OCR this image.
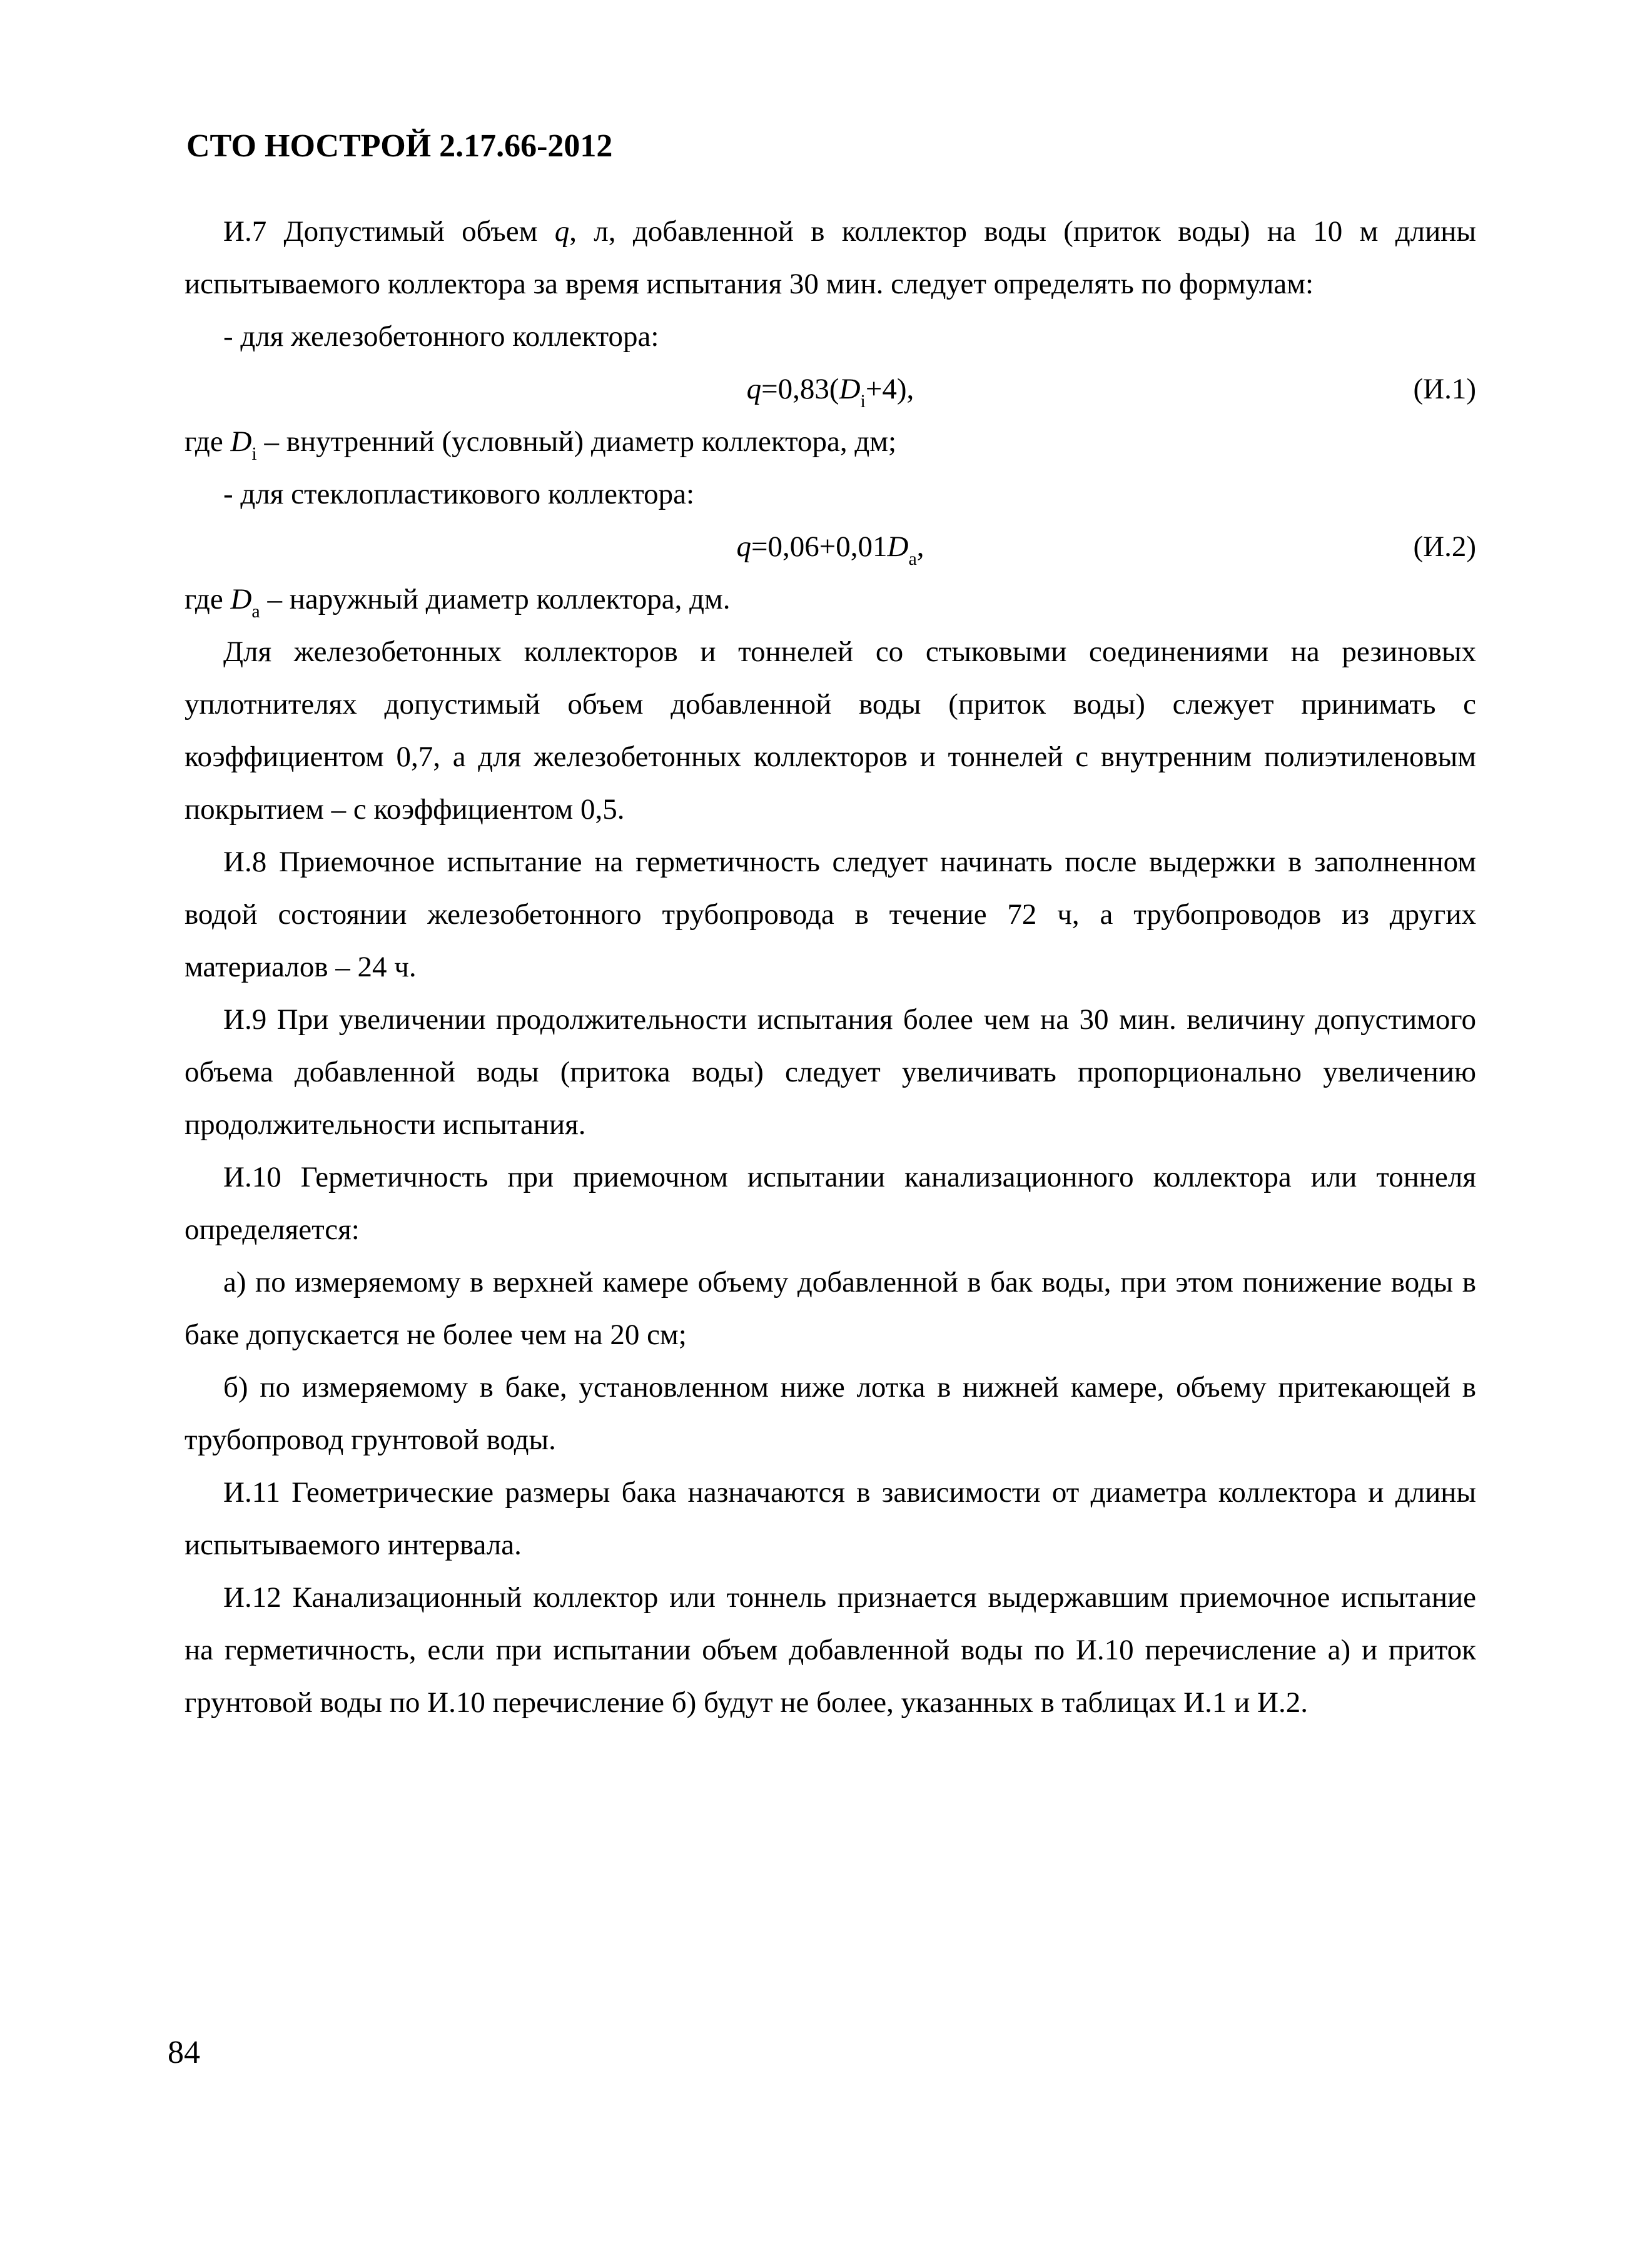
СТО НОСТРОЙ 2.17.66-2012

И.7 Допустимый объем q, л, добавленной в коллектор воды (приток воды) на 10 м длины испытываемого коллектора за время испытания 30 мин. следует определять по формулам:

- для железобетонного коллектора:

$q=0,83(D_i+4)$,	(И.1)

где $D_i$ – внутренний (условный) диаметр коллектора, дм;

- для стеклопластикового коллектора:

$q=0,06+0,01D_a$,	(И.2)

где $D_a$ – наружный диаметр коллектора, дм.

Для железобетонных коллекторов и тоннелей со стыковыми соединениями на резиновых уплотнителях допустимый объем добавленной воды (приток воды) слежует принимать с коэффициентом 0,7, а для железобетонных коллекторов и тоннелей с внутренним полиэтиленовым покрытием – с коэффициентом 0,5.

И.8 Приемочное испытание на герметичность следует начинать после выдержки в заполненном водой состоянии железобетонного трубопровода в течение 72 ч, а трубопроводов из других материалов – 24 ч.

И.9 При увеличении продолжительности испытания более чем на 30 мин. величину допустимого объема добавленной воды (притока воды) следует увеличивать пропорционально увеличению продолжительности испытания.

И.10 Герметичность при приемочном испытании канализационного коллектора или тоннеля определяется:

а) по измеряемому в верхней камере объему добавленной в бак воды, при этом понижение воды в баке допускается не более чем на 20 см;

б) по измеряемому в баке, установленном ниже лотка в нижней камере, объему притекающей в трубопровод грунтовой воды.

И.11 Геометрические размеры бака назначаются в зависимости от диаметра коллектора и длины испытываемого интервала.

И.12 Канализационный коллектор или тоннель признается выдержавшим приемочное испытание на герметичность, если при испытании объем добавленной воды по И.10 перечисление а) и приток грунтовой воды по И.10 перечисление б) будут не более, указанных в таблицах И.1 и И.2.

84
